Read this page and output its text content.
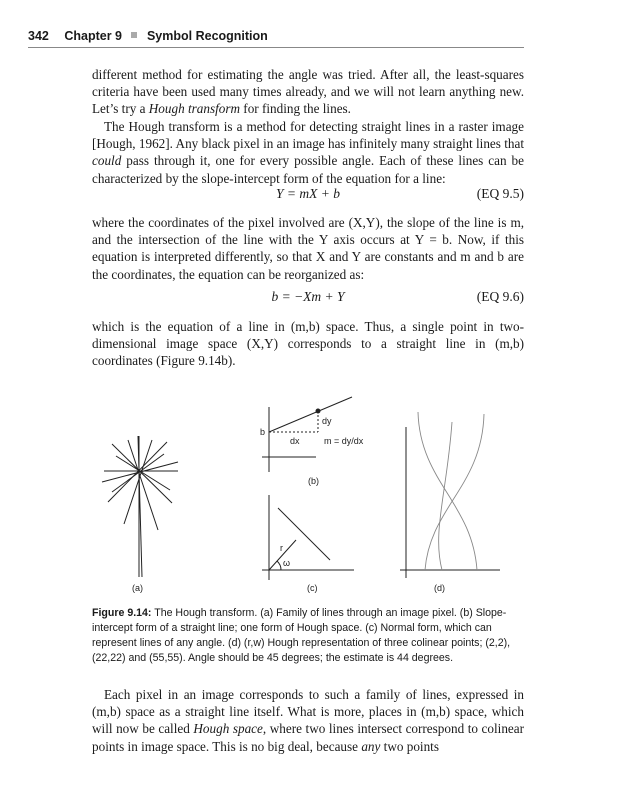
342 Chapter 9 Symbol Recognition

different method for estimating the angle was tried. After all, the least-squares criteria have been used many times already, and we will not learn anything new. Let’s try a Hough transform for finding the lines.

The Hough transform is a method for detecting straight lines in a raster image [Hough, 1962]. Any black pixel in an image has infinitely many straight lines that could pass through it, one for every possible angle. Each of these lines can be characterized by the slope-intercept form of the equation for a line:

Y = mX + b	(EQ 9.5)

where the coordinates of the pixel involved are (X,Y), the slope of the line is m, and the intersection of the line with the Y axis occurs at Y = b. Now, if this equation is interpreted differently, so that X and Y are constants and m and b are the coordinates, the equation can be reorganized as:

b = −Xm + Y	(EQ 9.6)

which is the equation of a line in (m,b) space. Thus, a single point in two-dimensional image space (X,Y) corresponds to a straight line in (m,b) coordinates (Figure 9.14b).

b
dy
dx	m = dy/dx
r
ω
(a)
(b)
(c)	(d)

Figure 9.14: The Hough transform. (a) Family of lines through an image pixel. (b) Slope-intercept form of a straight line; one form of Hough space. (c) Normal form, which can represent lines of any angle. (d) (r,w) Hough representation of three colinear points; (2,2), (22,22) and (55,55). Angle should be 45 degrees; the estimate is 44 degrees.

Each pixel in an image corresponds to such a family of lines, expressed in (m,b) space as a straight line itself. What is more, places in (m,b) space, which will now be called Hough space, where two lines intersect correspond to colinear points in image space. This is no big deal, because any two points
